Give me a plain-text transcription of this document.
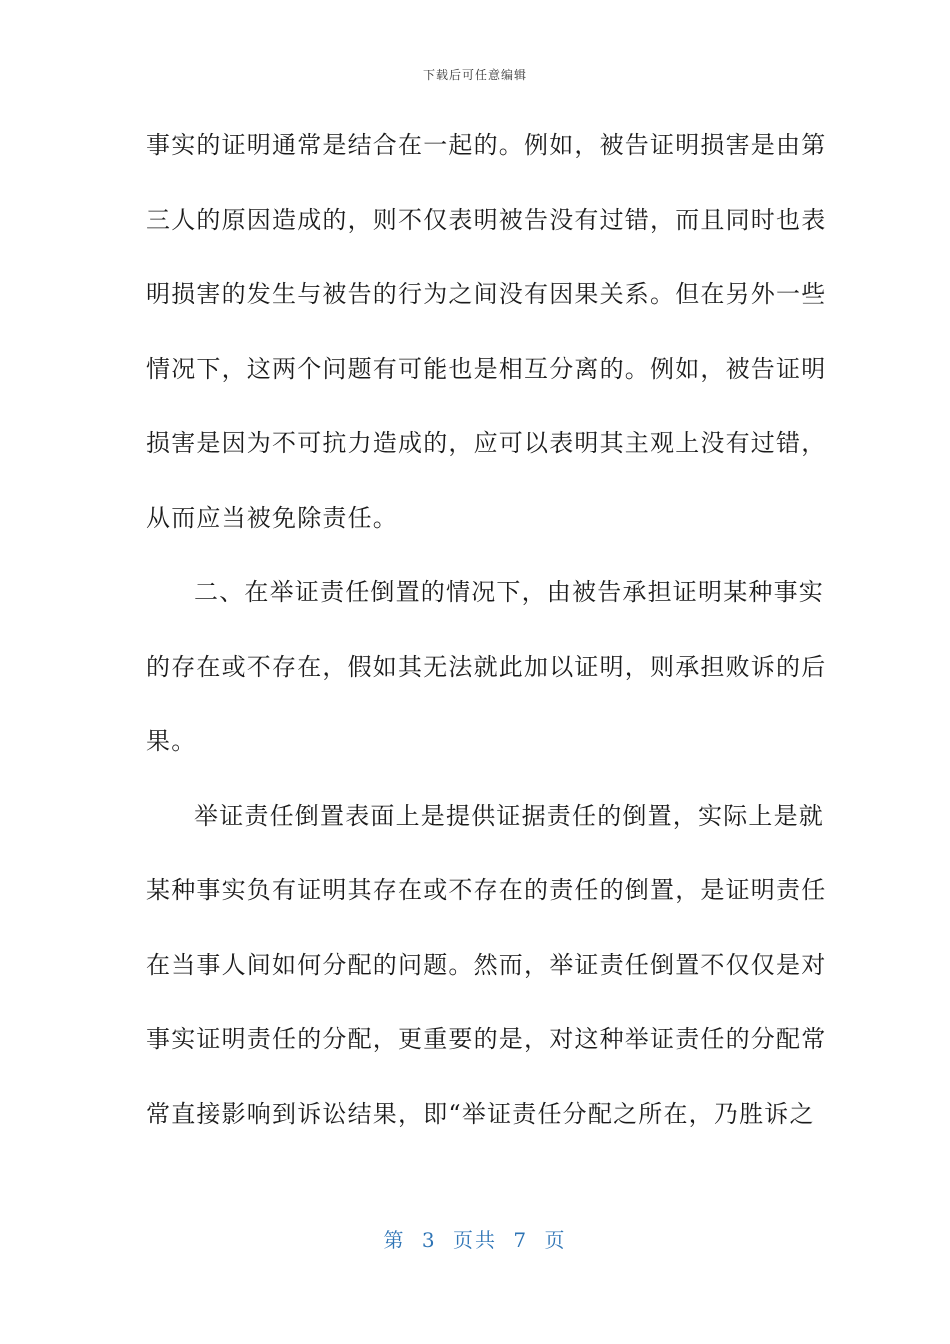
下载后可任意编辑
事实的证明通常是结合在一起的。例如，被告证明损害是由第
三人的原因造成的，则不仅表明被告没有过错，而且同时也表
明损害的发生与被告的行为之间没有因果关系。但在另外一些
情况下，这两个问题有可能也是相互分离的。例如，被告证明
损害是因为不可抗力造成的，应可以表明其主观上没有过错，
从而应当被免除责任。
二、在举证责任倒置的情况下，由被告承担证明某种事实
的存在或不存在，假如其无法就此加以证明，则承担败诉的后
果。
举证责任倒置表面上是提供证据责任的倒置，实际上是就
某种事实负有证明其存在或不存在的责任的倒置，是证明责任
在当事人间如何分配的问题。然而，举证责任倒置不仅仅是对
事实证明责任的分配，更重要的是，对这种举证责任的分配常
常直接影响到诉讼结果，即“举证责任分配之所在，乃胜诉之
第 3 页共 7 页
